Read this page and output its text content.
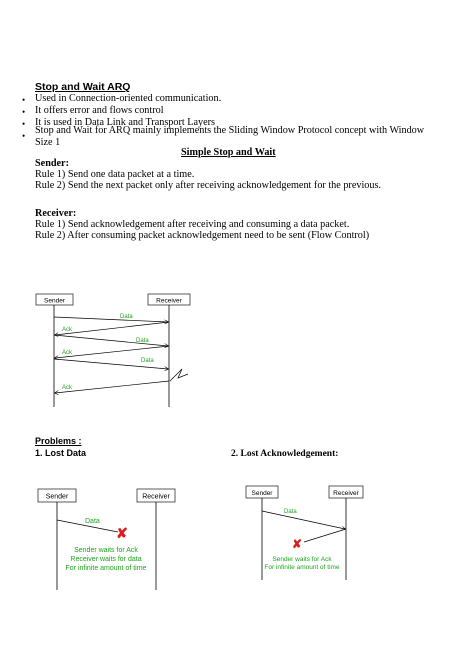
Stop and Wait ARQ
• Used in Connection-oriented communication.
• It offers error and flows control
• It is used in Data Link and Transport Layers
• Stop and Wait for ARQ mainly implements the Sliding Window Protocol concept with Window
Size 1
Simple Stop and Wait
Sender:
Rule 1) Send one data packet at a time.
Rule 2) Send the next packet only after receiving acknowledgement for the previous.
Receiver:
Rule 1) Send acknowledgement after receiving and consuming a data packet.
Rule 2) After consuming packet acknowledgement need to be sent (Flow Control)
Sender	Receiver
Data
Ack
Data
Ack
Data
Ack
Problems :
1. Lost Data	2. Lost Acknowledgement:
Sender	Receiver
Data
✘
Sender waits for Ack
Receiver waits for data
For infinite amount of time
Sender	Receiver
Data
✘
Sender waits for Ack
For infinite amount of time
